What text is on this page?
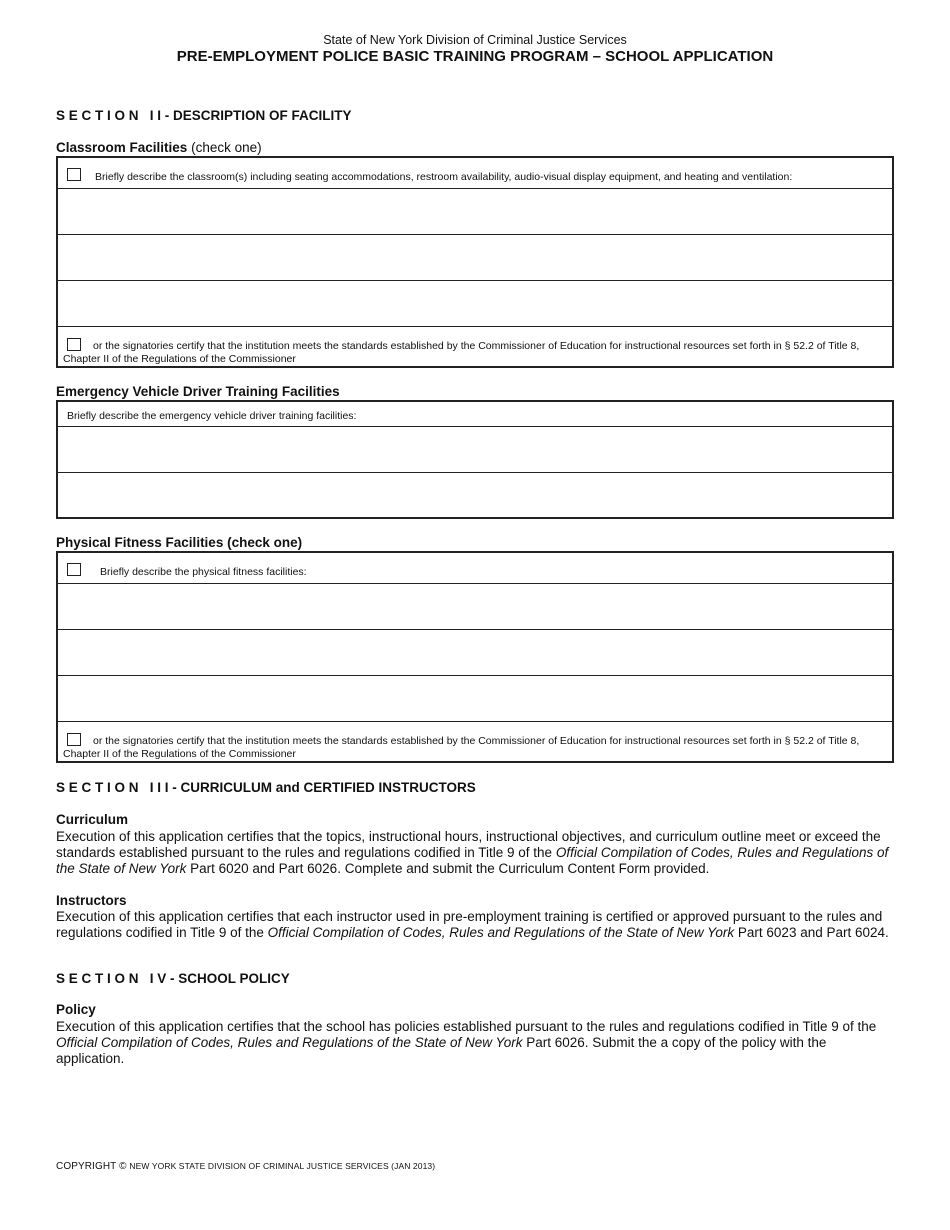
State of New York Division of Criminal Justice Services
PRE-EMPLOYMENT POLICE BASIC TRAINING PROGRAM – SCHOOL APPLICATION
S E C T I O N   I I - DESCRIPTION OF FACILITY
Classroom Facilities (check one)
Briefly describe the classroom(s) including seating accommodations, restroom availability, audio-visual display equipment, and heating and ventilation:
or the signatories certify that the institution meets the standards established by the Commissioner of Education for instructional resources set forth in § 52.2 of Title 8, Chapter II of the Regulations of the Commissioner
Emergency Vehicle Driver Training Facilities
Briefly describe the emergency vehicle driver training facilities:
Physical Fitness Facilities (check one)
Briefly describe the physical fitness facilities:
or the signatories certify that the institution meets the standards established by the Commissioner of Education for instructional resources set forth in § 52.2 of Title 8, Chapter II of the Regulations of the Commissioner
S E C T I O N   I I I - CURRICULUM and CERTIFIED INSTRUCTORS
Curriculum
Execution of this application certifies that the topics, instructional hours, instructional objectives, and curriculum outline meet or exceed the standards established pursuant to the rules and regulations codified in Title 9 of the Official Compilation of Codes, Rules and Regulations of the State of New York Part 6020 and Part 6026. Complete and submit the Curriculum Content Form provided.
Instructors
Execution of this application certifies that each instructor used in pre-employment training is certified or approved pursuant to the rules and regulations codified in Title 9 of the Official Compilation of Codes, Rules and Regulations of the State of New York Part 6023 and Part 6024.
S E C T I O N   I V - SCHOOL POLICY
Policy
Execution of this application certifies that the school has policies established pursuant to the rules and regulations codified in Title 9 of the Official Compilation of Codes, Rules and Regulations of the State of New York Part 6026. Submit the a copy of the policy with the application.
COPYRIGHT © NEW YORK STATE DIVISION OF CRIMINAL JUSTICE SERVICES (JAN 2013)
